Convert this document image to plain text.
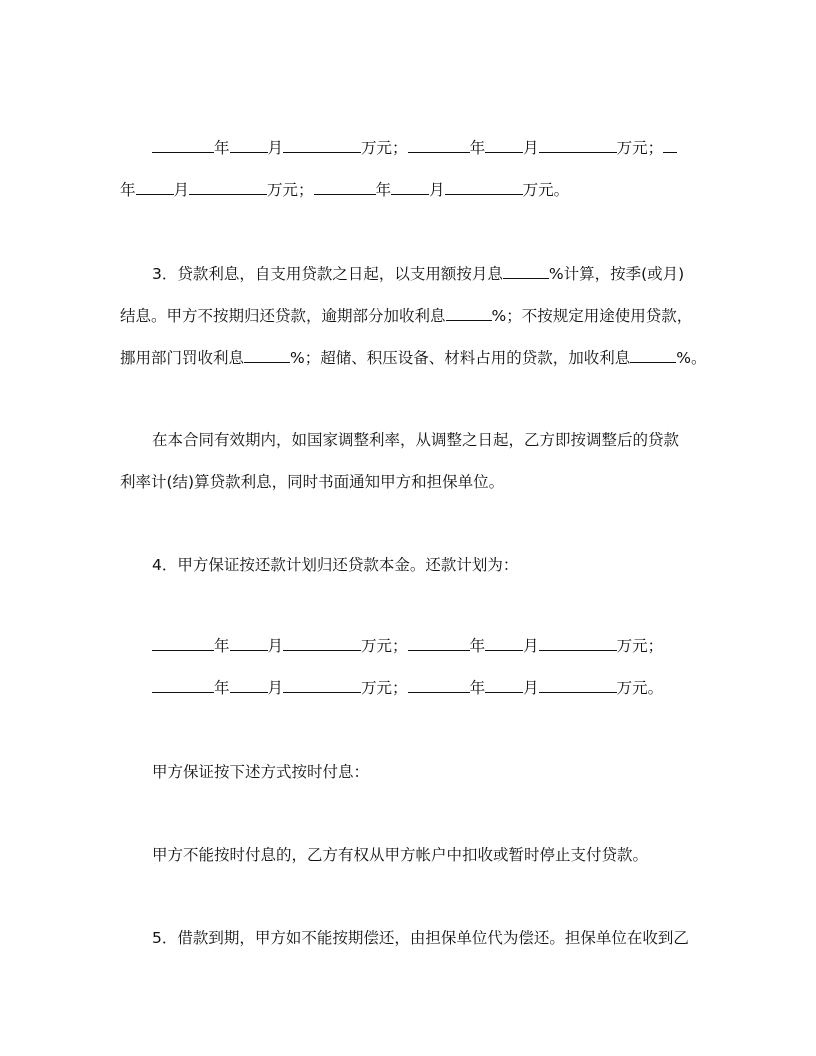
年 月	万元；	年 月	万元；
年 月	万元；	年 月	万元。
3．贷款利息，自支用贷款之日起，以支用额按月息	%计算，按季(或月)
结息。甲方不按期归还贷款，逾期部分加收利息	%；不按规定用途使用贷款，
挪用部门罚收利息	%；超储、积压设备、材料占用的贷款，加收利息	%。
在本合同有效期内，如国家调整利率，从调整之日起，乙方即按调整后的贷款
利率计(结)算贷款利息，同时书面通知甲方和担保单位。
4．甲方保证按还款计划归还贷款本金。还款计划为：
年 月	万元；	年 月	万元；
年 月	万元；	年 月	万元。
甲方保证按下述方式按时付息：
甲方不能按时付息的，乙方有权从甲方帐户中扣收或暂时停止支付贷款。
5．借款到期，甲方如不能按期偿还，由担保单位代为偿还。担保单位在收到乙
